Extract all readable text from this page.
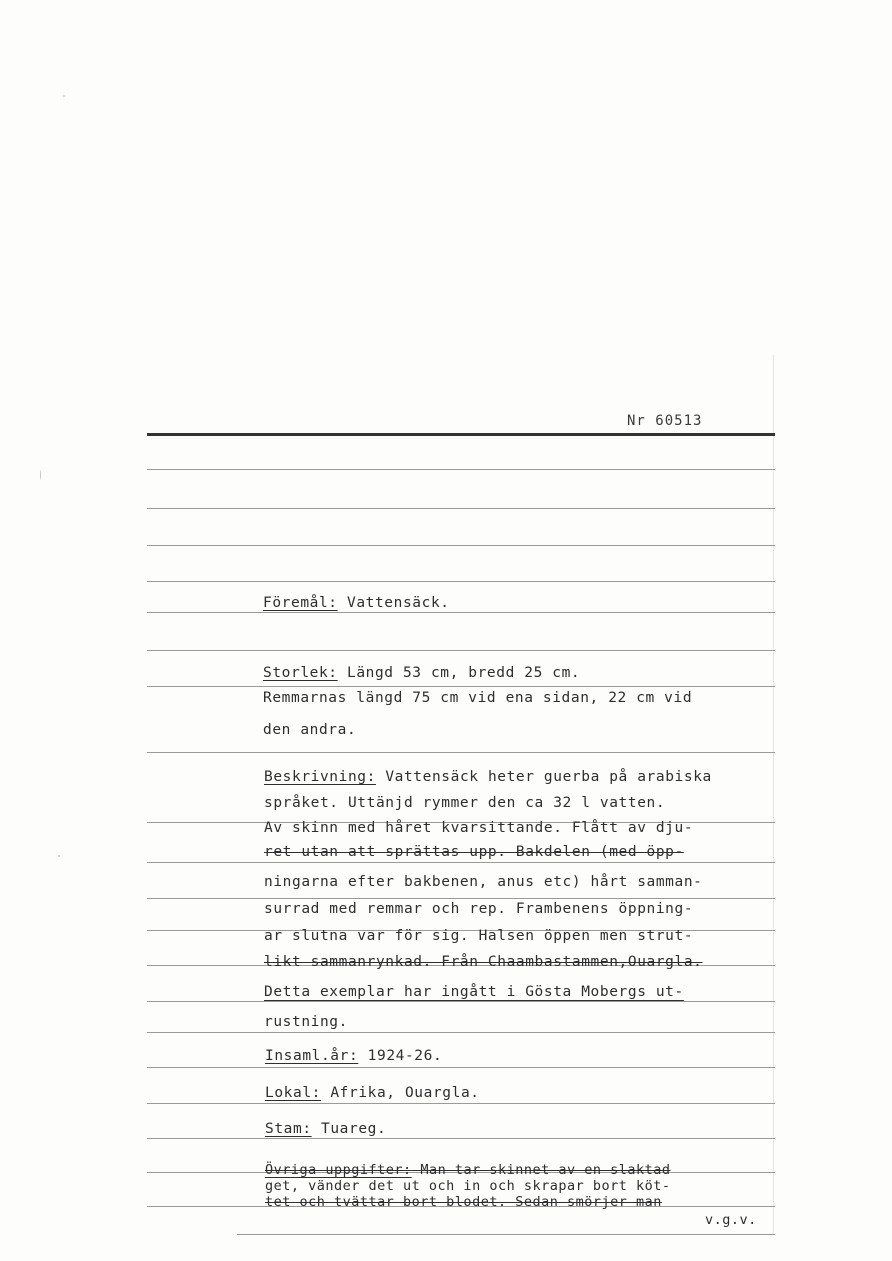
Nr 60513
Föremål: Vattensäck.
Storlek: Längd 53 cm, bredd 25 cm.
Remmarnas längd 75 cm vid ena sidan, 22 cm vid
den andra.
Beskrivning: Vattensäck heter guerba på arabiska
språket. Uttänjd rymmer den ca 32 l vatten.
Av skinn med håret kvarsittande. Flått av dju-
ret utan att sprättas upp. Bakdelen (med öpp-
ningarna efter bakbenen, anus etc) hårt samman-
surrad med remmar och rep. Frambenens öppning-
ar slutna var för sig. Halsen öppen men strut-
likt sammanrynkad. Från Chaambastammen,Ouargla.
Detta exemplar har ingått i Gösta Mobergs ut-
rustning.
Insaml.år: 1924-26.
Lokal: Afrika, Ouargla.
Stam: Tuareg.
Övriga uppgifter: Man tar skinnet av en slaktad
get, vänder det ut och in och skrapar bort köt-
tet och tvättar bort blodet. Sedan smörjer man
v.g.v.
